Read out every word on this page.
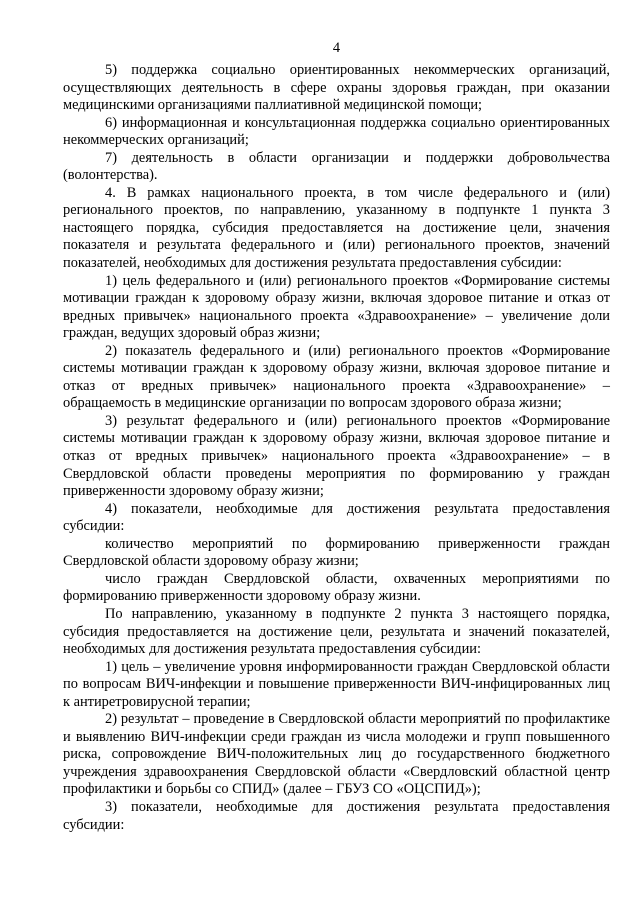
4

5) поддержка социально ориентированных некоммерческих организаций, осуществляющих деятельность в сфере охраны здоровья граждан, при оказании медицинскими организациями паллиативной медицинской помощи;

6) информационная и консультационная поддержка социально ориентированных некоммерческих организаций;

7) деятельность в области организации и поддержки добровольчества (волонтерства).

4. В рамках национального проекта, в том числе федерального и (или) регионального проектов, по направлению, указанному в подпункте 1 пункта 3 настоящего порядка, субсидия предоставляется на достижение цели, значения показателя и результата федерального и (или) регионального проектов, значений показателей, необходимых для достижения результата предоставления субсидии:

1) цель федерального и (или) регионального проектов «Формирование системы мотивации граждан к здоровому образу жизни, включая здоровое питание и отказ от вредных привычек» национального проекта «Здравоохранение» – увеличение доли граждан, ведущих здоровый образ жизни;

2) показатель федерального и (или) регионального проектов «Формирование системы мотивации граждан к здоровому образу жизни, включая здоровое питание и отказ от вредных привычек» национального проекта «Здравоохранение» – обращаемость в медицинские организации по вопросам здорового образа жизни;

3) результат федерального и (или) регионального проектов «Формирование системы мотивации граждан к здоровому образу жизни, включая здоровое питание и отказ от вредных привычек» национального проекта «Здравоохранение» – в Свердловской области проведены мероприятия по формированию у граждан приверженности здоровому образу жизни;

4) показатели, необходимые для достижения результата предоставления субсидии:

количество мероприятий по формированию приверженности граждан Свердловской области здоровому образу жизни;

число граждан Свердловской области, охваченных мероприятиями по формированию приверженности здоровому образу жизни.

По направлению, указанному в подпункте 2 пункта 3 настоящего порядка, субсидия предоставляется на достижение цели, результата и значений показателей, необходимых для достижения результата предоставления субсидии:

1) цель – увеличение уровня информированности граждан Свердловской области по вопросам ВИЧ-инфекции и повышение приверженности ВИЧ-инфицированных лиц к антиретровирусной терапии;

2) результат – проведение в Свердловской области мероприятий по профилактике и выявлению ВИЧ-инфекции среди граждан из числа молодежи и групп повышенного риска, сопровождение ВИЧ-положительных лиц до государственного бюджетного учреждения здравоохранения Свердловской области «Свердловский областной центр профилактики и борьбы со СПИД» (далее – ГБУЗ СО «ОЦСПИД»);

3) показатели, необходимые для достижения результата предоставления субсидии:
